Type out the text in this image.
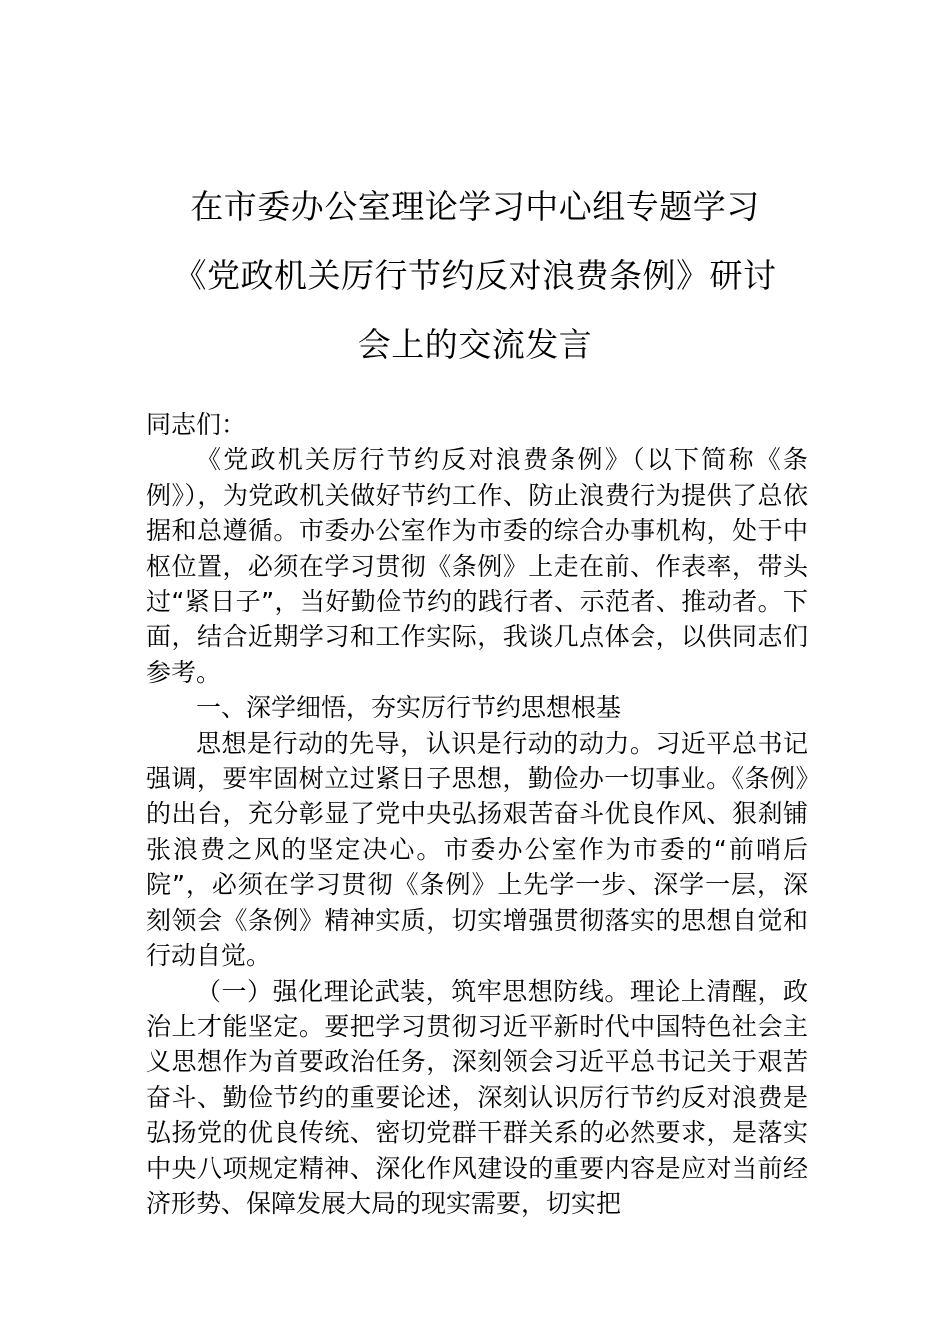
在市委办公室理论学习中心组专题学习
《党政机关厉行节约反对浪费条例》研讨
会上的交流发言

同志们：

《党政机关厉行节约反对浪费条例》（以下简称《条例》），为党政机关做好节约工作、防止浪费行为提供了总依据和总遵循。市委办公室作为市委的综合办事机构，处于中枢位置，必须在学习贯彻《条例》上走在前、作表率，带头过“紧日子”，当好勤俭节约的践行者、示范者、推动者。下面，结合近期学习和工作实际，我谈几点体会，以供同志们参考。

一、深学细悟，夯实厉行节约思想根基

思想是行动的先导，认识是行动的动力。习近平总书记强调，要牢固树立过紧日子思想，勤俭办一切事业。《条例》的出台，充分彰显了党中央弘扬艰苦奋斗优良作风、狠刹铺张浪费之风的坚定决心。市委办公室作为市委的“前哨后院”，必须在学习贯彻《条例》上先学一步、深学一层，深刻领会《条例》精神实质，切实增强贯彻落实的思想自觉和行动自觉。

（一）强化理论武装，筑牢思想防线。理论上清醒，政治上才能坚定。要把学习贯彻习近平新时代中国特色社会主义思想作为首要政治任务，深刻领会习近平总书记关于艰苦奋斗、勤俭节约的重要论述，深刻认识厉行节约反对浪费是弘扬党的优良传统、密切党群干群关系的必然要求，是落实中央八项规定精神、深化作风建设的重要内容是应对当前经济形势、保障发展大局的现实需要，切实把
